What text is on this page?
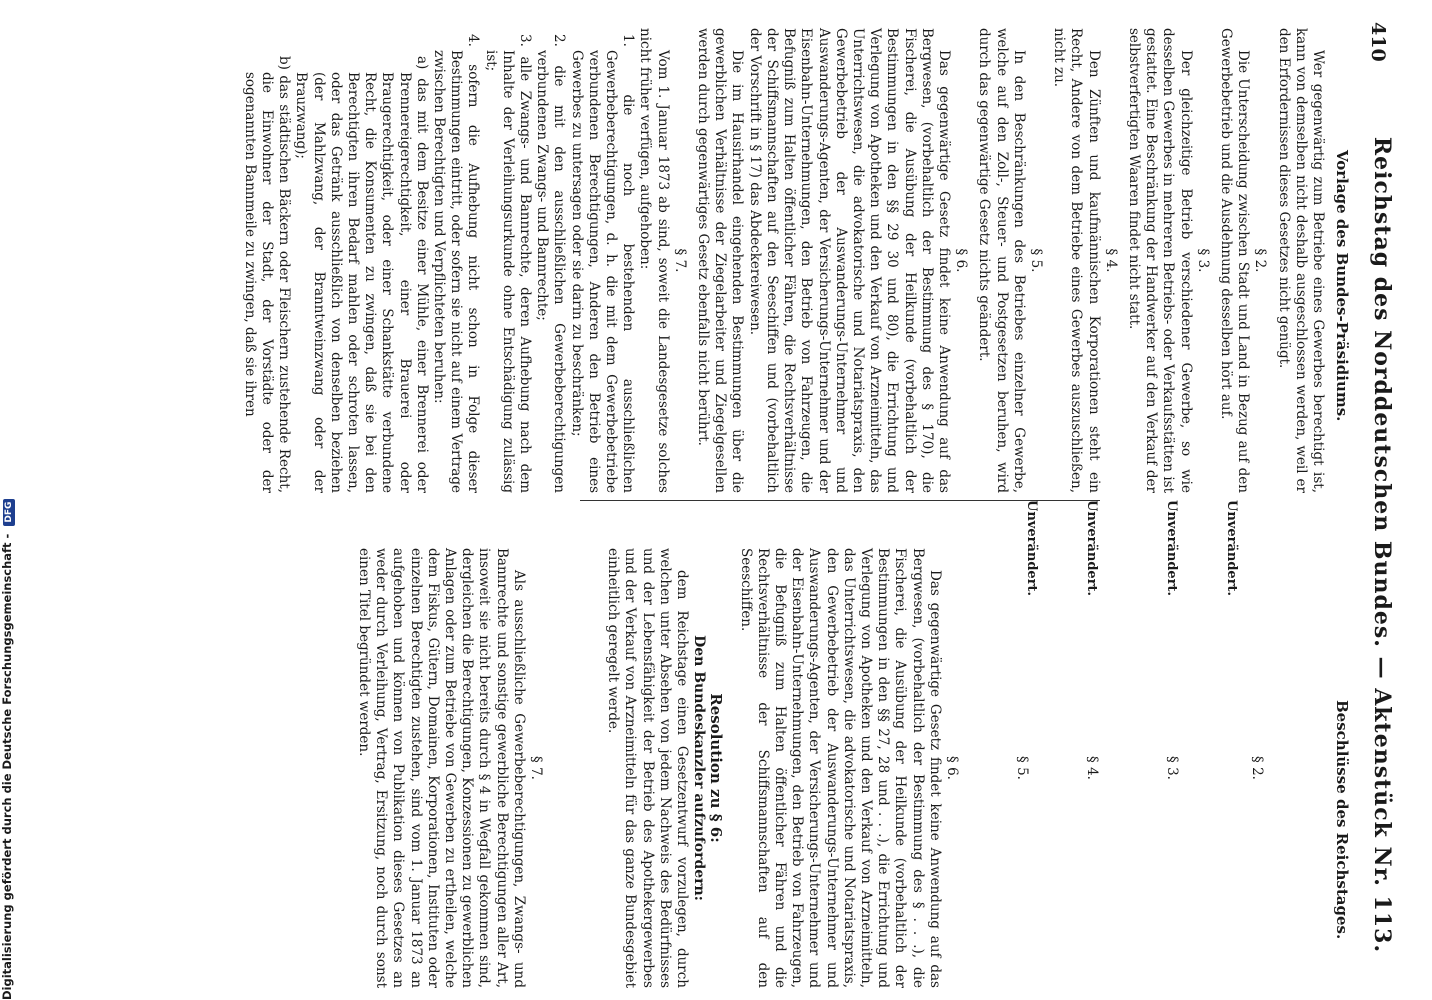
410
Reichstag des Norddeutschen Bundes. — Aktenstück Nr. 113.
Vorlage des Bundes-Präsidiums.
Beschlüsse des Reichstages.

Wer gegenwärtig zum Betriebe eines Gewerbes berechtigt ist, kann von demselben nicht deshalb ausgeschlossen werden, weil er den Erfordernissen dieses Gesetzes nicht genügt.

§ 2.

Die Unterscheidung zwischen Stadt und Land in Bezug auf den Gewerbebetrieb und die Ausdehnung desselben hört auf.

§ 3.

Der gleichzeitige Betrieb verschiedener Gewerbe, so wie desselben Gewerbes in mehreren Betriebs- oder Verkaufsstätten ist gestattet. Eine Beschränkung der Handwerker auf den Verkauf der selbstverfertigten Waaren findet nicht statt.

§ 4.

Den Zünften und kaufmännischen Korporationen steht ein Recht, Andere von dem Betriebe eines Gewerbes auszuschließen, nicht zu.

§ 5.

In den Beschränkungen des Betriebes einzelner Gewerbe, welche auf den Zoll-, Steuer- und Postgesetzen beruhen, wird durch das gegenwärtige Gesetz nichts geändert.

§ 6.

Das gegenwärtige Gesetz findet keine Anwendung auf das Bergwesen, (vorbehaltlich der Bestimmung des § 170), die Fischerei, die Ausübung der Heilkunde (vorbehaltlich der Bestimmungen in den §§ 29 30 und 80), die Errichtung und Verlegung von Apotheken und den Verkauf von Arzneimitteln, das Unterrichtswesen, die advokatorische und Notariatspraxis, den Gewerbebetrieb der Auswanderungs-Unternehmer und Auswanderungs-Agenten, der Versicherungs-Unternehmer und der Eisenbahn-Unternehmungen, den Betrieb von Fahrzeugen, die Befugniß zum Halten öffentlicher Fähren, die Rechtsverhältnisse der Schiffsmannschaften auf den Seeschiffen und (vorbehaltlich der Vorschrift in § 17) das Abdeckereiwesen.

Die im Hausirhandel eingehenden Bestimmungen über die gewerblichen Verhältnisse der Ziegelarbeiter und Ziegelgesellen werden durch gegenwärtiges Gesetz ebenfalls nicht berührt.

§ 7.

Vom 1. Januar 1873 ab sind, soweit die Landesgesetze solches nicht früher verfügen, aufgehoben:

1. die noch bestehenden ausschließlichen Gewerbeberechtigungen, d. h. die mit dem Gewerbebetriebe verbundenen Berechtigungen, Anderen den Betrieb eines Gewerbes zu untersagen oder sie darin zu beschränken;

2. die mit den ausschließlichen Gewerbeberechtigungen verbundenen Zwangs- und Bannrechte;

3. alle Zwangs- und Bannrechte, deren Aufhebung nach dem Inhalte der Verleihungsurkunde ohne Entschädigung zulässig ist;

4. sofern die Aufhebung nicht schon in Folge dieser Bestimmungen eintritt, oder sofern sie nicht auf einem Vertrage zwischen Berechtigten und Verpflichteten beruhen:

a) das mit dem Besitze einer Mühle, einer Brennerei oder Brennereigerechtigkeit, einer Brauerei oder Braugerechtigkeit, oder einer Schankstätte verbundene Recht, die Konsumenten zu zwingen, daß sie bei den Berechtigten ihren Bedarf mahlen oder schroten lassen, oder das Getränk ausschließlich von denselben beziehen (der Mahlzwang, der Branntweinzwang oder der Brauzwang);

b) das städtischen Bäckern oder Fleischern zustehende Recht, die Einwohner der Stadt, der Vorstädte oder der sogenannten Bannmeile zu zwingen, daß sie ihren

Unverändert.
Unverändert.
Unverändert.
Unverändert.
§ 2.
§ 3.
§ 4.
§ 5.
§ 6.

Das gegenwärtige Gesetz findet keine Anwendung auf das Bergwesen, (vorbehaltlich der Bestimmung des § . . .), die Fischerei, die Ausübung der Heilkunde (vorbehaltlich der Bestimmungen in den §§ 27, 28 und . . .), die Errichtung und Verlegung von Apotheken und den Verkauf von Arzneimitteln, das Unterrichtswesen, die advokatorische und Notariatspraxis, den Gewerbebetrieb der Auswanderungs-Unternehmer und Auswanderungs-Agenten, der Versicherungs-Unternehmer und der Eisenbahn-Unternehmungen, den Betrieb von Fahrzeugen, die Befugniß zum Halten öffentlicher Fähren und die Rechtsverhältnisse der Schiffsmannschaften auf den Seeschiffen.

Resolution zu § 6:
Den Bundeskanzler aufzufordern:

dem Reichstage einen Gesetzentwurf vorzulegen, durch welchen unter Absehen von jedem Nachweis des Bedürfnisses und der Lebensfähigkeit der Betrieb des Apothekergewerbes und der Verkauf von Arzneimitteln für das ganze Bundesgebiet einheitlich geregelt werde.

§ 7.

Als ausschließliche Gewerbeberechtigungen, Zwangs- und Bannrechte und sonstige gewerbliche Berechtigungen aller Art, insoweit sie nicht bereits durch § 4 in Wegfall gekommen sind, dergleichen die Berechtigungen, Konzessionen zu gewerblichen Anlagen oder zum Betriebe von Gewerben zu ertheilen, welche dem Fiskus, Gütern, Domainen, Korporationen, Instituten oder einzelnen Berechtigten zustehen, sind vom 1. Januar 1873 an aufgehoben und können von Publikation dieses Gesetzes an weder durch Verleihung, Vertrag, Ersitzung, noch durch sonst einen Titel begründet werden.

Digitalisierung gefördert durch die Deutsche Forschungsgemeinschaft - DFG
